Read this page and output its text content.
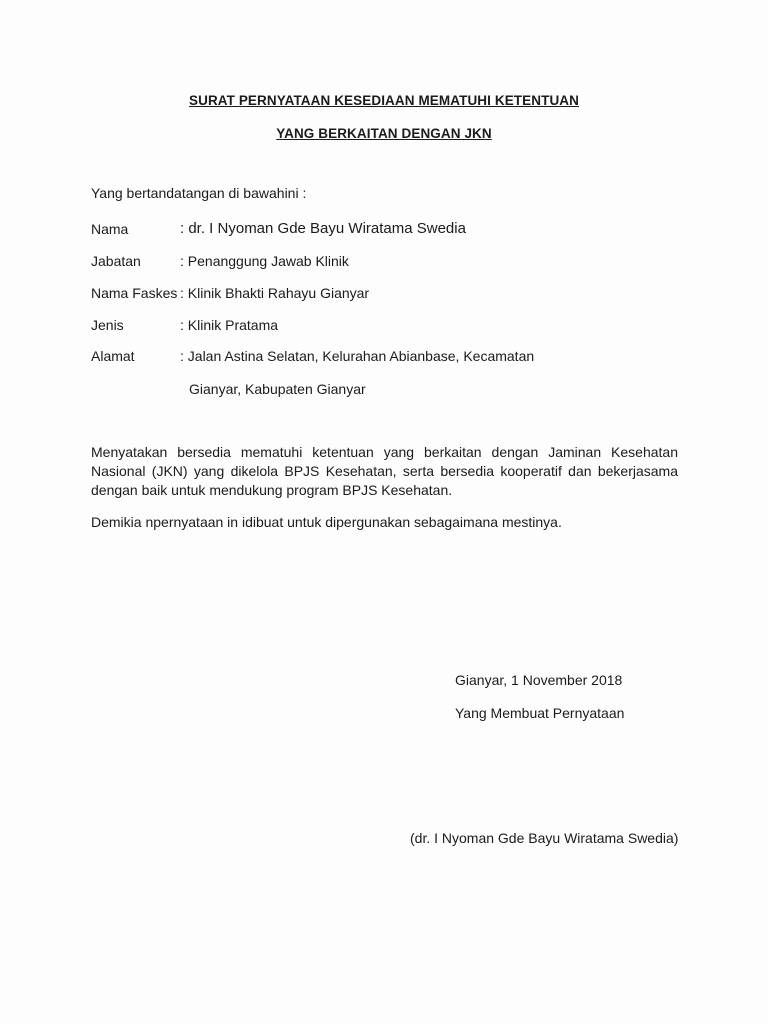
SURAT PERNYATAAN KESEDIAAN MEMATUHI KETENTUAN
YANG BERKAITAN DENGAN JKN
Yang bertandatangan di bawahini :
Nama	: dr. I Nyoman Gde Bayu Wiratama Swedia
Jabatan	: Penanggung Jawab Klinik
Nama Faskes : Klinik Bhakti Rahayu Gianyar
Jenis	: Klinik Pratama
Alamat	: Jalan Astina Selatan, Kelurahan Abianbase, Kecamatan
Gianyar, Kabupaten Gianyar
Menyatakan bersedia mematuhi ketentuan yang berkaitan dengan Jaminan Kesehatan Nasional (JKN) yang dikelola BPJS Kesehatan, serta bersedia kooperatif dan bekerjasama dengan baik untuk mendukung program BPJS Kesehatan.
Demikia npernyataan in idibuat untuk dipergunakan sebagaimana mestinya.
Gianyar, 1 November 2018
Yang Membuat Pernyataan
(dr. I Nyoman Gde Bayu Wiratama Swedia)
